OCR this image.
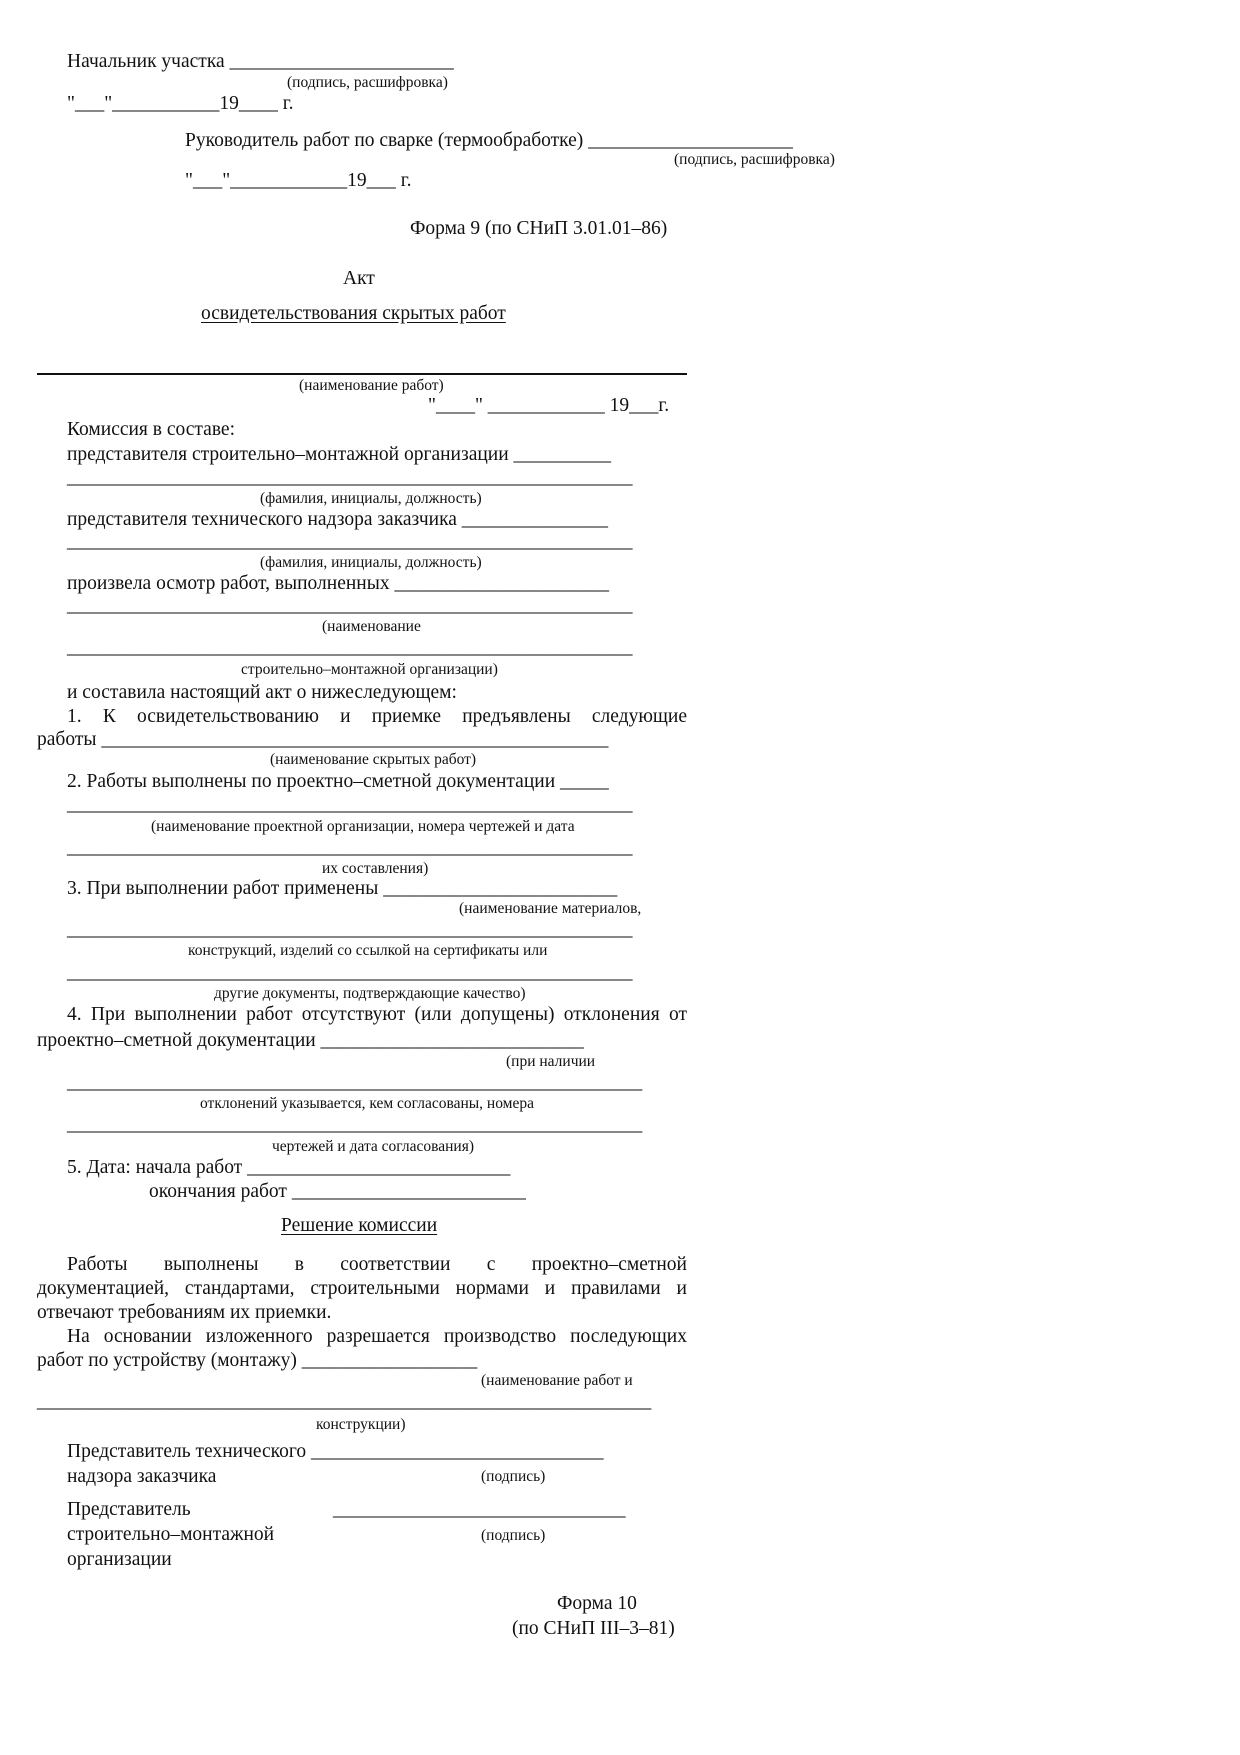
Начальник участка _______________________
(подпись, расшифровка)
"___"___________19____ г.
Руководитель работ по сварке (термообработке) _____________________
(подпись, расшифровка)
"___"____________19___ г.
Форма 9 (по СНиП 3.01.01–86)
Акт
освидетельствования скрытых работ
(наименование работ)
"____" ____________ 19___г.
Комиссия в составе:
представителя строительно–монтажной организации __________
__________________________________________________________
(фамилия, инициалы, должность)
представителя технического надзора заказчика _______________
__________________________________________________________
(фамилия, инициалы, должность)
произвела осмотр работ, выполненных ______________________
__________________________________________________________
(наименование
__________________________________________________________
строительно–монтажной организации)
и составила настоящий акт о нижеследующем:
1. К освидетельствованию и приемке предъявлены следующие
работы ____________________________________________________
(наименование скрытых работ)
2. Работы выполнены по проектно–сметной документации _____
__________________________________________________________
(наименование проектной организации, номера чертежей и дата
__________________________________________________________
их составления)
3. При выполнении работ применены ________________________
(наименование материалов,
__________________________________________________________
конструкций, изделий со ссылкой на сертификаты или
__________________________________________________________
другие документы, подтверждающие качество)
4. При выполнении работ отсутствуют (или допущены) отклонения от
проектно–сметной документации ___________________________
(при наличии
___________________________________________________________
отклонений указывается, кем согласованы, номера
___________________________________________________________
чертежей и дата согласования)
5. Дата: начала работ ___________________________
окончания работ ________________________
Решение комиссии
Работы выполнены в соответствии с проектно–сметной
документацией, стандартами, строительными нормами и правилами и
отвечают требованиям их приемки.
На основании изложенного разрешается производство последующих
работ по устройству (монтажу) __________________
(наименование работ и
_______________________________________________________________
конструкции)
Представитель технического ______________________________
надзора заказчика	(подпись)
Представитель	______________________________
строительно–монтажной	(подпись)
организации
Форма 10
(по СНиП III–3–81)
